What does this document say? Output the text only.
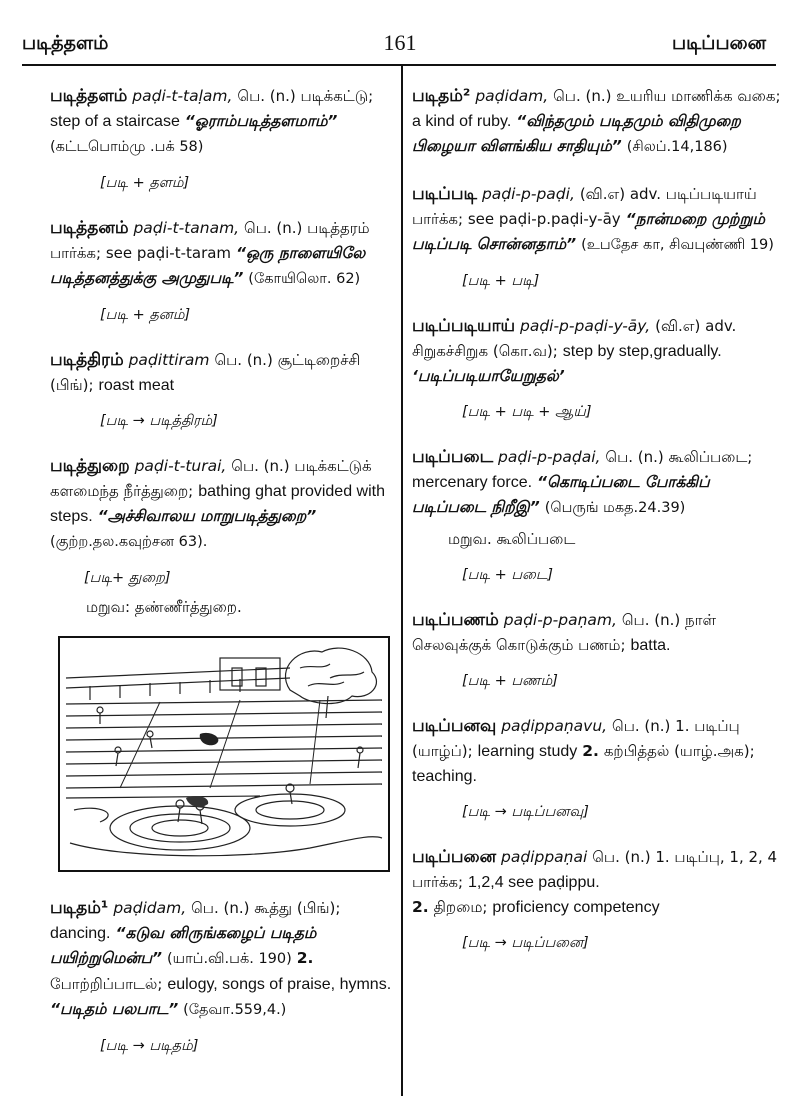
படித்தளம்	161	படிப்பனை
படித்தளம் paḍi-t-taḷam, பெ. (n.) படிக்கட்டு; step of a staircase “ஓராம்படித்தளமாம்” (கட்டபொம்மு .பக் 58)
[படி + தளம்]
படித்தனம் paḍi-t-tanam, பெ. (n.) படித்தரம் பார்க்க; see paḍi-t-taram “ஒரு நாளையிலே படித்தனத்துக்கு அமுதுபடி” (கோயிலொ. 62)
[படி + தனம்]
படித்திரம் paḍittiram பெ. (n.) சூட்டிறைச்சி (பிங்); roast meat
[படி → படித்திரம்]
படித்துறை paḍi-t-turai, பெ. (n.) படிக்கட்டுக் களமைந்த நீர்த்துறை; bathing ghat provided with steps. “அச்சிவாலய மாறுபடித்துறை” (குற்ற.தல.கவுற்சன 63).
[படி+ துறை]
மறுவ: தண்ணீர்த்துறை.
படிதம்¹ paḍidam, பெ. (n.) கூத்து (பிங்); dancing. “கடுவ னிருங்கழைப் படிதம் பயிற்றுமென்ப” (யாப்.வி.பக். 190) 2. போற்றிப்பாடல்; eulogy, songs of praise, hymns. “படிதம் பலபாட” (தேவா.559,4.)
[படி → படிதம்]
படிதம்² paḍidam, பெ. (n.) உயரிய மாணிக்க வகை; a kind of ruby. “விந்தமும் படிதமும் விதிமுறை பிழையா விளங்கிய சாதியும்” (சிலப்.14,186)
படிப்படி paḍi-p-paḍi, (வி.எ) adv. படிப்படியாய் பார்க்க; see paḍi-p.paḍi-y-āy “நான்மறை முற்றும் படிப்படி சொன்னதாம்” (உபதேச கா, சிவபுண்ணி 19)
[படி + படி]
படிப்படியாய் paḍi-p-paḍi-y-āy, (வி.எ) adv. சிறுகச்சிறுக (கொ.வ); step by step,gradually. ‘படிப்படியாயேறுதல்’
[படி + படி + ஆய்]
படிப்படை paḍi-p-paḍai, பெ. (n.) கூலிப்படை; mercenary force. “கொடிப்படை போக்கிப் படிப்படை நிறீஇ” (பெருங் மகத.24.39)
மறுவ. கூலிப்படை
[படி + படை]
படிப்பணம் paḍi-p-paṇam, பெ. (n.) நாள் செலவுக்குக் கொடுக்கும் பணம்; batta.
[படி + பணம்]
படிப்பனவு paḍippaṇavu, பெ. (n.) 1. படிப்பு (யாழ்ப்); learning study 2. கற்பித்தல் (யாழ்.அக); teaching.
[படி → படிப்பனவு]
படிப்பனை paḍippaṇai பெ. (n.) 1. படிப்பு, 1, 2, 4 பார்க்க; 1,2,4 see paḍippu.
2. திறமை; proficiency competency
[படி → படிப்பனை]
